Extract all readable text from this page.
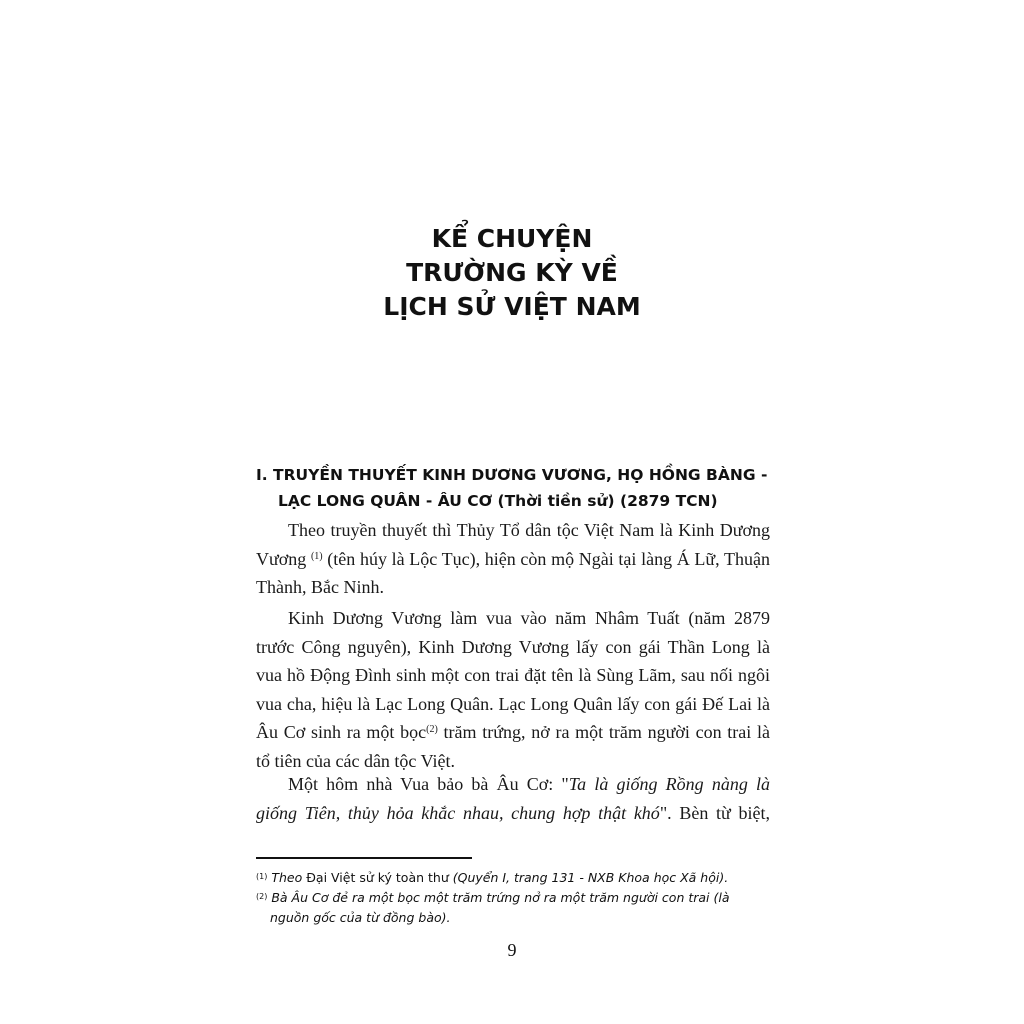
KỂ CHUYỆN
TRƯỜNG KỲ VỀ
LỊCH SỬ VIỆT NAM
I. TRUYỀN THUYẾT KINH DƯƠNG VƯƠNG, HỌ HỒNG BÀNG -
LẠC LONG QUÂN - ÂU CƠ (Thời tiền sử) (2879 TCN)
Theo truyền thuyết thì Thủy Tổ dân tộc Việt Nam là Kinh Dương
Vương $^{(1)}$ (tên húy là Lộc Tục), hiện còn mộ Ngài tại làng Á Lữ, Thuận
Thành, Bắc Ninh.
Kinh Dương Vương làm vua vào năm Nhâm Tuất (năm 2879
trước Công nguyên), Kinh Dương Vương lấy con gái Thần Long là
vua hồ Động Đình sinh một con trai đặt tên là Sùng Lãm, sau nối ngôi
vua cha, hiệu là Lạc Long Quân. Lạc Long Quân lấy con gái Đế Lai là
Âu Cơ sinh ra một bọc$^{(2)}$ trăm trứng, nở ra một trăm người con trai là
tổ tiên của các dân tộc Việt.
Một hôm nhà Vua bảo bà Âu Cơ: "Ta là giống Rồng nàng là
giống Tiên, thủy hỏa khắc nhau, chung hợp thật khó". Bèn từ biệt,
$^{(1)}$ Theo Đại Việt sử ký toàn thư (Quyển I, trang 131 - NXB Khoa học Xã hội).
$^{(2)}$ Bà Âu Cơ đẻ ra một bọc một trăm trứng nở ra một trăm người con trai (là
nguồn gốc của từ đồng bào).
9
